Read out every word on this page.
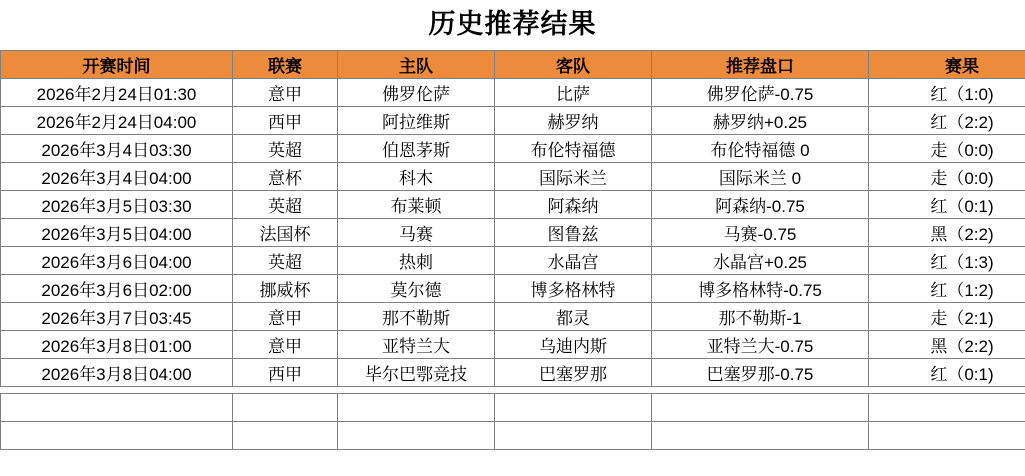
历史推荐结果
开赛时间	联赛	主队	客队	推荐盘口	赛果
2026年2月24日01:30	意甲	佛罗伦萨	比萨	佛罗伦萨-0.75	红（1:0)
2026年2月24日04:00	西甲	阿拉维斯	赫罗纳	赫罗纳+0.25	红（2:2)
2026年3月4日03:30	英超	伯恩茅斯	布伦特福德	布伦特福德 0	走（0:0)
2026年3月4日04:00	意杯	科木	国际米兰	国际米兰 0	走（0:0)
2026年3月5日03:30	英超	布莱顿	阿森纳	阿森纳-0.75	红（0:1)
2026年3月5日04:00	法国杯	马赛	图鲁兹	马赛-0.75	黑（2:2)
2026年3月6日04:00	英超	热刺	水晶宫	水晶宫+0.25	红（1:3)
2026年3月6日02:00	挪威杯	莫尔德	博多格林特	博多格林特-0.75	红（1:2)
2026年3月7日03:45	意甲	那不勒斯	都灵	那不勒斯-1	走（2:1)
2026年3月8日01:00	意甲	亚特兰大	乌迪内斯	亚特兰大-0.75	黑（2:2)
2026年3月8日04:00	西甲	毕尔巴鄂竞技	巴塞罗那	巴塞罗那-0.75	红（0:1)
